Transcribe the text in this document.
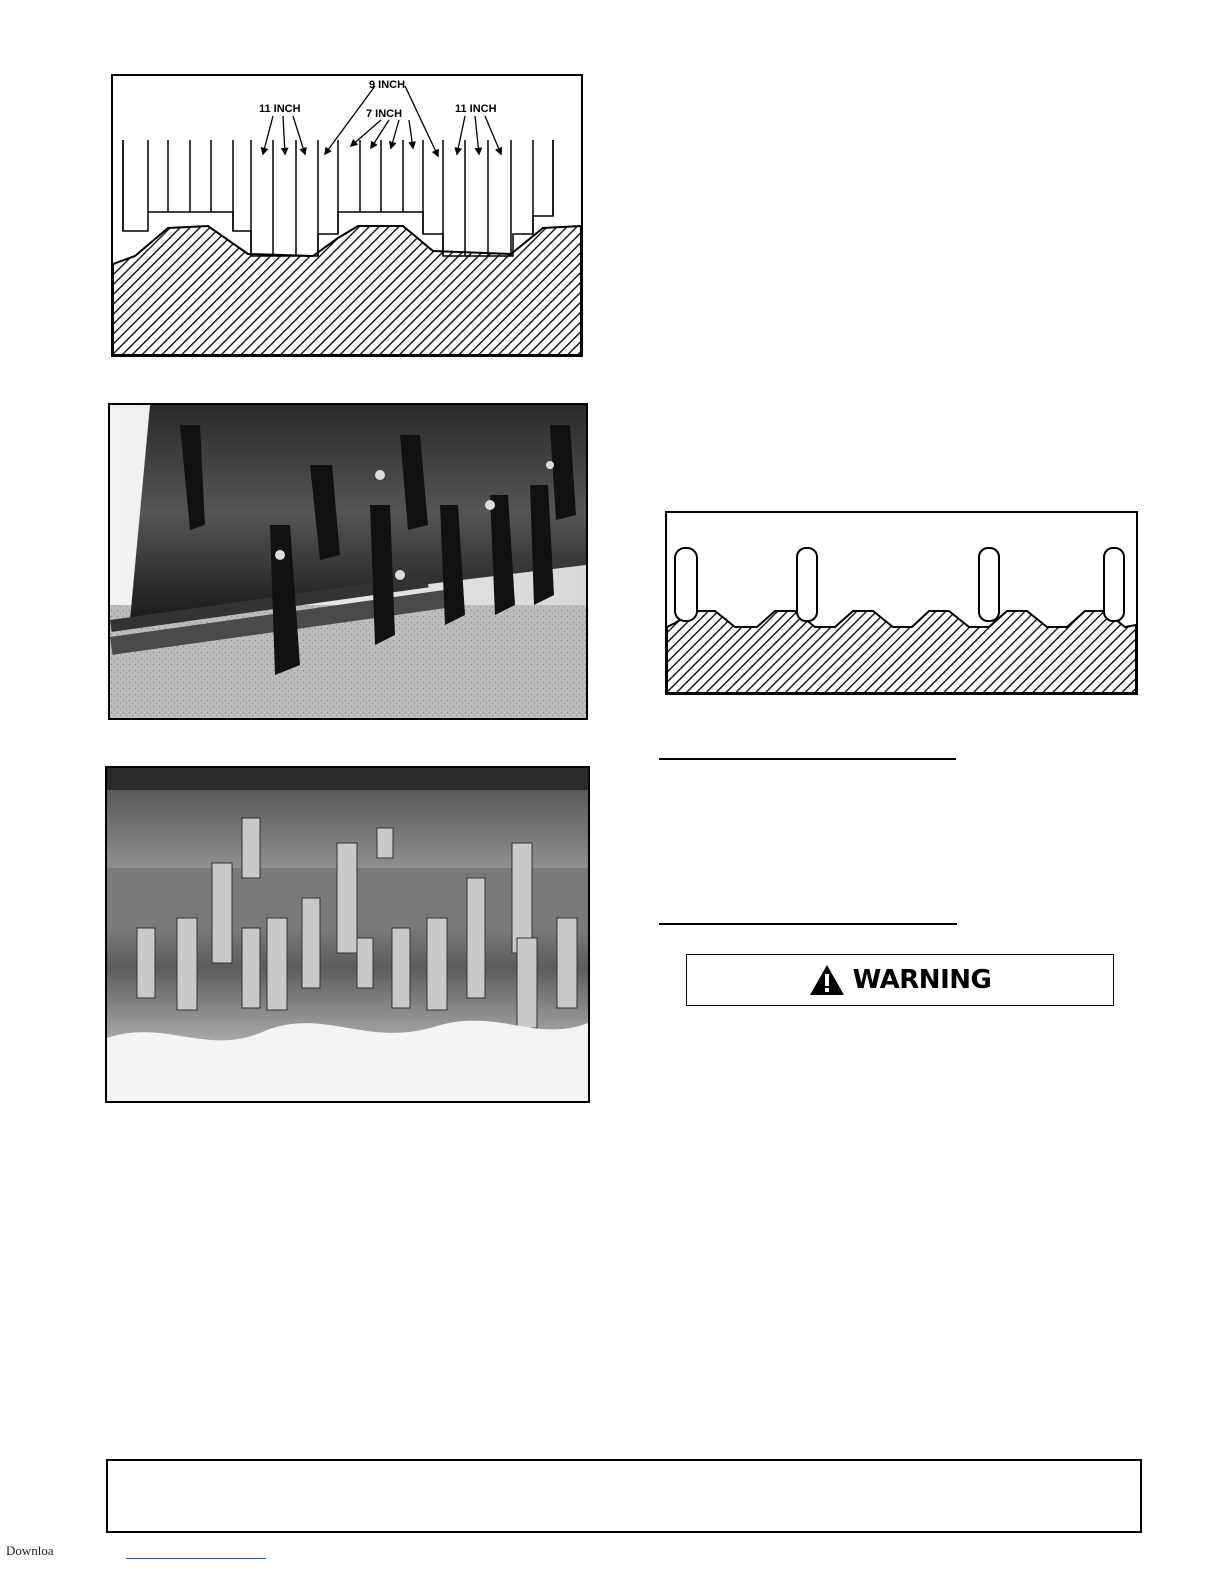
9 INCH
11 INCH	7 INCH	11 INCH
WARNING
Downloa
